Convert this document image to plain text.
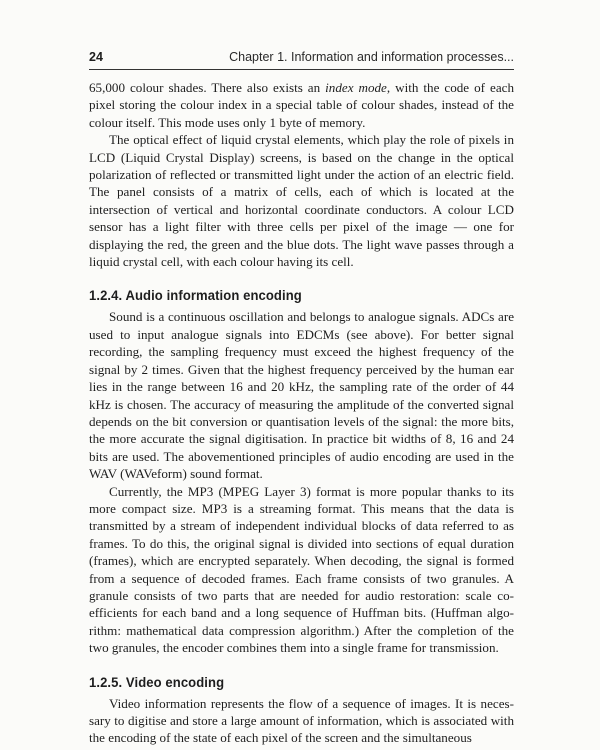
24	Chapter 1. Information and information processes...

65,000 colour shades. There also exists an index mode, with the code of each pixel storing the colour index in a special table of colour shades, instead of the colour itself. This mode uses only 1 byte of memory.

The optical effect of liquid crystal elements, which play the role of pixels in LCD (Liquid Crystal Display) screens, is based on the change in the optical polarization of reflected or transmitted light under the action of an electric field. The panel consists of a matrix of cells, each of which is located at the intersection of vertical and horizontal coordinate conductors. A colour LCD sensor has a light filter with three cells per pixel of the image — one for displaying the red, the green and the blue dots. The light wave passes through a liquid crystal cell, with each colour having its cell.

1.2.4. Audio information encoding

Sound is a continuous oscillation and belongs to analogue signals. ADCs are used to input analogue signals into EDCMs (see above). For better signal recording, the sampling frequency must exceed the highest frequency of the signal by 2 times. Given that the highest frequency perceived by the human ear lies in the range between 16 and 20 kHz, the sampling rate of the order of 44 kHz is chosen. The accuracy of measuring the amplitude of the converted signal depends on the bit conversion or quantisation levels of the signal: the more bits, the more accurate the signal digitisation. In practice bit widths of 8, 16 and 24 bits are used. The abovementioned principles of audio encoding are used in the WAV (WAVeform) sound format.

Currently, the MP3 (MPEG Layer 3) format is more popular thanks to its more compact size. MP3 is a streaming format. This means that the data is transmitted by a stream of independent individual blocks of data referred to as frames. To do this, the original signal is divided into sections of equal duration (frames), which are encrypted separately. When decoding, the signal is formed from a sequence of decoded frames. Each frame consists of two granules. A granule consists of two parts that are needed for audio restoration: scale coefficients for each band and a long sequence of Huffman bits. (Huffman algorithm: mathematical data compression algorithm.) After the completion of the two granules, the encoder combines them into a single frame for transmission.

1.2.5. Video encoding

Video information represents the flow of a sequence of images. It is necessary to digitise and store a large amount of information, which is associated with the encoding of the state of each pixel of the screen and the simultaneous
